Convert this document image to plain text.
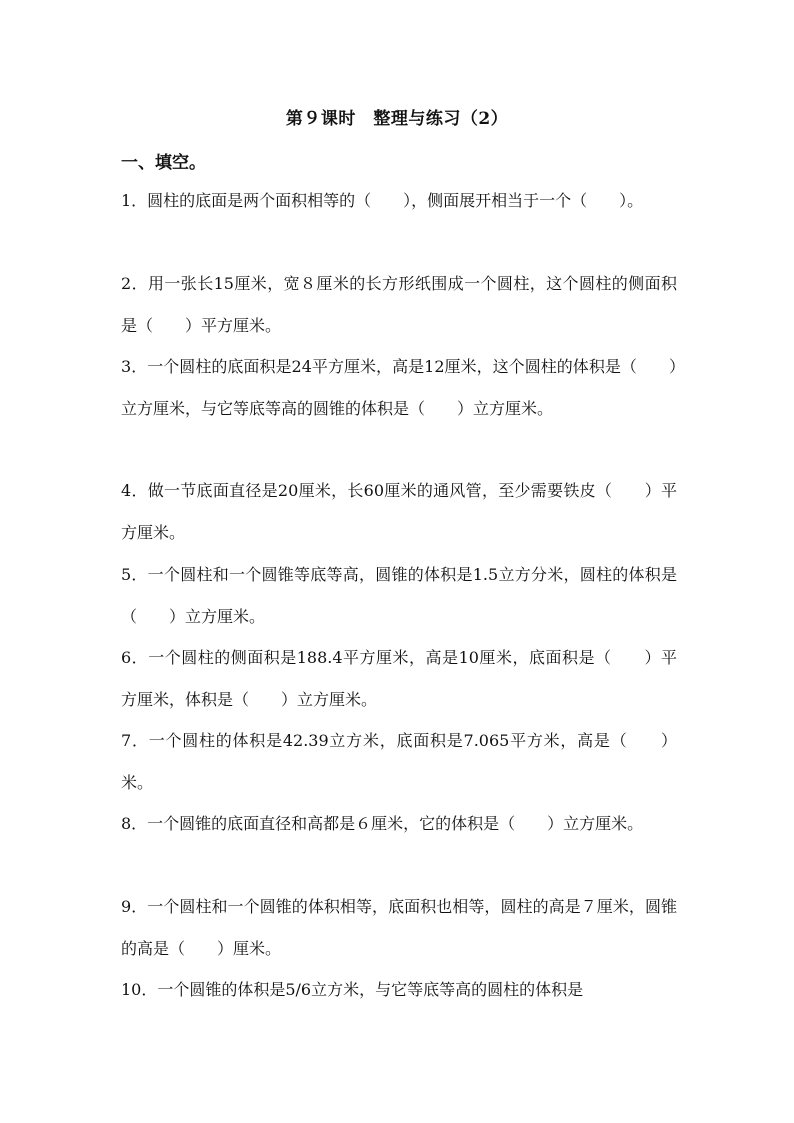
第９课时　整理与练习（2）
一、填空。
1．圆柱的底面是两个面积相等的（　　），侧面展开相当于一个（　　）。
2．用一张长15厘米，宽８厘米的长方形纸围成一个圆柱，这个圆柱的侧面积是（　　）平方厘米。
3．一个圆柱的底面积是24平方厘米，高是12厘米，这个圆柱的体积是（　　）立方厘米，与它等底等高的圆锥的体积是（　　）立方厘米。
4．做一节底面直径是20厘米，长60厘米的通风管，至少需要铁皮（　　）平方厘米。
5．一个圆柱和一个圆锥等底等高，圆锥的体积是1.5立方分米，圆柱的体积是（　　）立方厘米。
6．一个圆柱的侧面积是188.4平方厘米，高是10厘米，底面积是（　　）平方厘米，体积是（　　）立方厘米。
7．一个圆柱的体积是42.39立方米，底面积是7.065平方米，高是（　　）米。
8．一个圆锥的底面直径和高都是６厘米，它的体积是（　　）立方厘米。
9．一个圆柱和一个圆锥的体积相等，底面积也相等，圆柱的高是７厘米，圆锥的高是（　　）厘米。
10．一个圆锥的体积是5/6立方米，与它等底等高的圆柱的体积是
